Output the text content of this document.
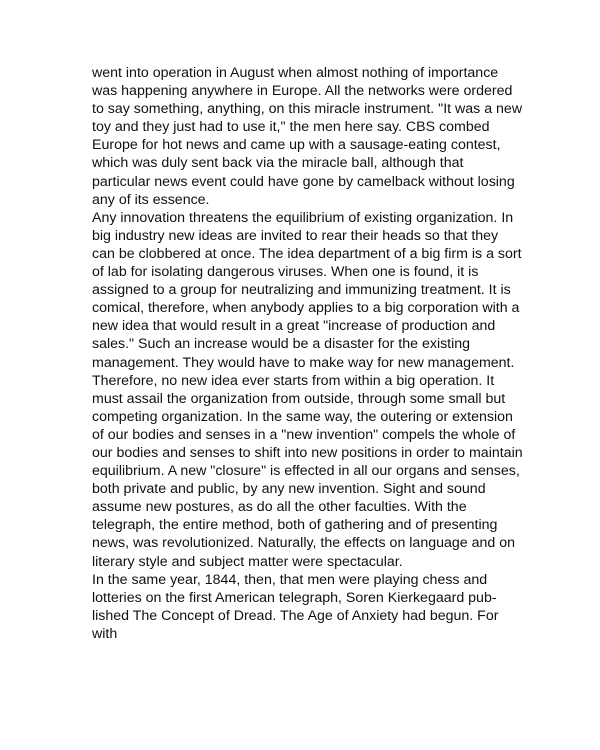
went into operation in August when almost nothing of importance
was happening anywhere in Europe. All the networks were ordered
to say something, anything, on this miracle instrument. "It was a new
toy and they just had to use it," the men here say. CBS combed
Europe for hot news and came up with a sausage-eating contest,
which was duly sent back via the miracle ball, although that
particular news event could have gone by camelback without losing
any of its essence.
Any innovation threatens the equilibrium of existing organization. In
big industry new ideas are invited to rear their heads so that they
can be clobbered at once. The idea department of a big firm is a sort
of lab for isolating dangerous viruses. When one is found, it is
assigned to a group for neutralizing and immunizing treatment. It is
comical, therefore, when anybody applies to a big corporation with a
new idea that would result in a great "increase of production and
sales." Such an increase would be a disaster for the existing
management. They would have to make way for new management.
Therefore, no new idea ever starts from within a big operation. It
must assail the organization from outside, through some small but
competing organization. In the same way, the outering or extension
of our bodies and senses in a "new invention" compels the whole of
our bodies and senses to shift into new positions in order to maintain
equilibrium. A new "closure" is effected in all our organs and senses,
both private and public, by any new invention. Sight and sound
assume new postures, as do all the other faculties. With the
telegraph, the entire method, both of gathering and of presenting
news, was revolutionized. Naturally, the effects on language and on
literary style and subject matter were spectacular.
In the same year, 1844, then, that men were playing chess and
lotteries on the first American telegraph, Soren Kierkegaard pub-
lished The Concept of Dread. The Age of Anxiety had begun. For
with
